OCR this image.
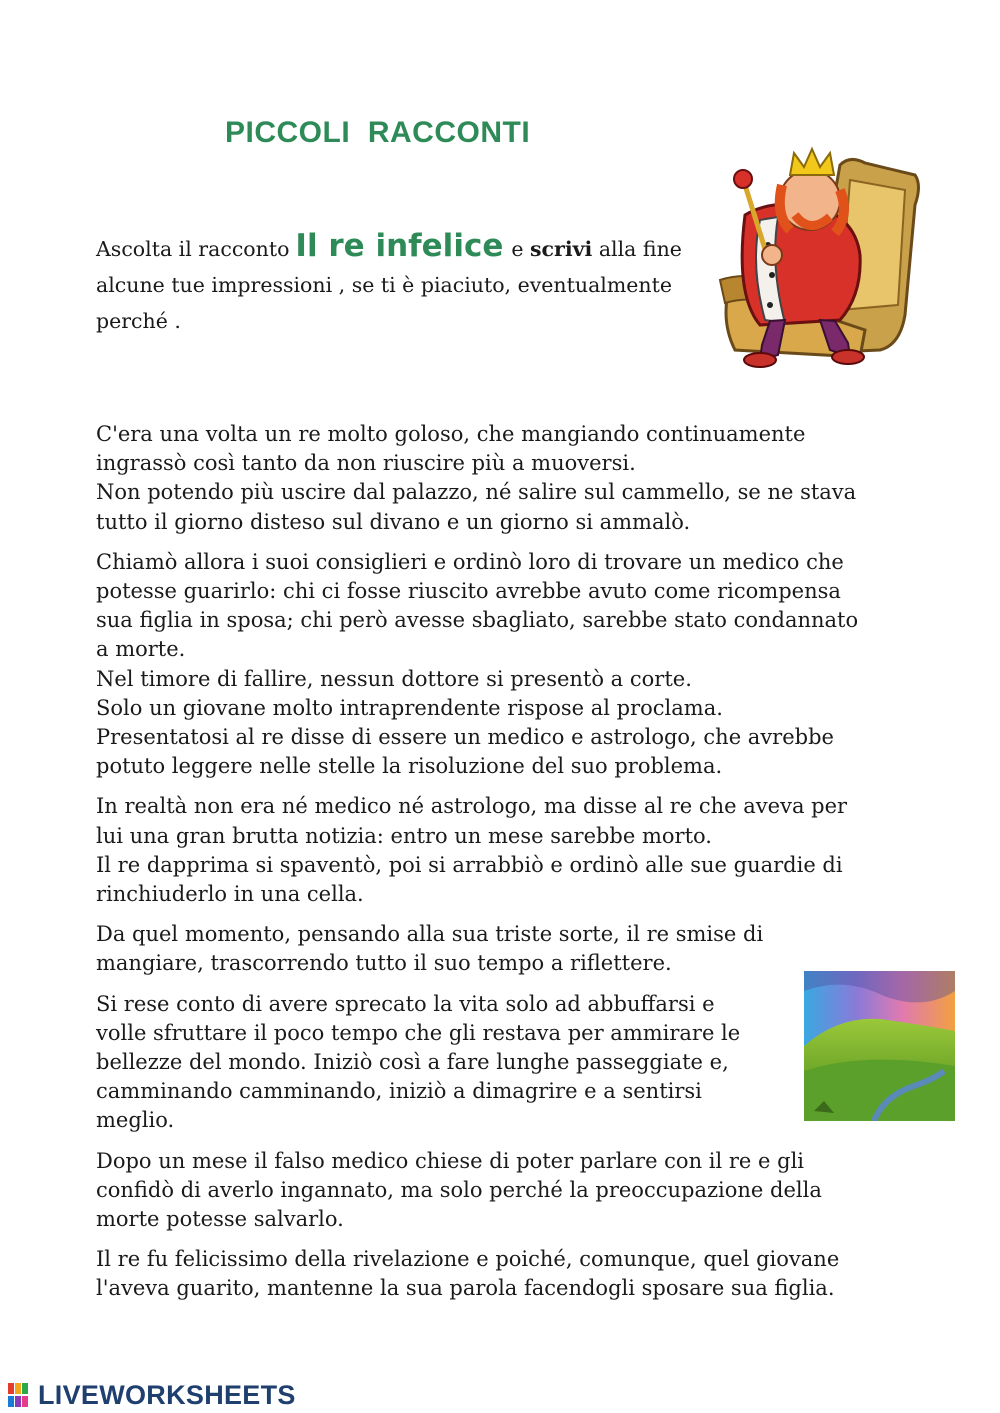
PICCOLI  RACCONTI
Ascolta il racconto Il re infelice e scrivi alla fine alcune tue impressioni , se ti è piaciuto, eventualmente perché .

C'era una volta un re molto goloso, che mangiando continuamente
ingrassò così tanto da non riuscire più a muoversi.
Non potendo più uscire dal palazzo, né salire sul cammello, se ne stava
tutto il giorno disteso sul divano e un giorno si ammalò.

Chiamò allora i suoi consiglieri e ordinò loro di trovare un medico che
potesse guarirlo: chi ci fosse riuscito avrebbe avuto come ricompensa
sua figlia in sposa; chi però avesse sbagliato, sarebbe stato condannato
a morte.
Nel timore di fallire, nessun dottore si presentò a corte.
Solo un giovane molto intraprendente rispose al proclama.
Presentatosi al re disse di essere un medico e astrologo, che avrebbe
potuto leggere nelle stelle la risoluzione del suo problema.

In realtà non era né medico né astrologo, ma disse al re che aveva per
lui una gran brutta notizia: entro un mese sarebbe morto.
Il re dapprima si spaventò, poi si arrabbiò e ordinò alle sue guardie di
rinchiuderlo in una cella.

Da quel momento, pensando alla sua triste sorte, il re smise di
mangiare, trascorrendo tutto il suo tempo a riflettere.

Si rese conto di avere sprecato la vita solo ad abbuffarsi e
volle sfruttare il poco tempo che gli restava per ammirare le
bellezze del mondo. Iniziò così a fare lunghe passeggiate e,
camminando camminando, iniziò a dimagrire e a sentirsi
meglio.

Dopo un mese il falso medico chiese di poter parlare con il re e gli
confidò di averlo ingannato, ma solo perché la preoccupazione della
morte potesse salvarlo.

Il re fu felicissimo della rivelazione e poiché, comunque, quel giovane
l'aveva guarito, mantenne la sua parola facendogli sposare sua figlia.

LIVEWORKSHEETS
